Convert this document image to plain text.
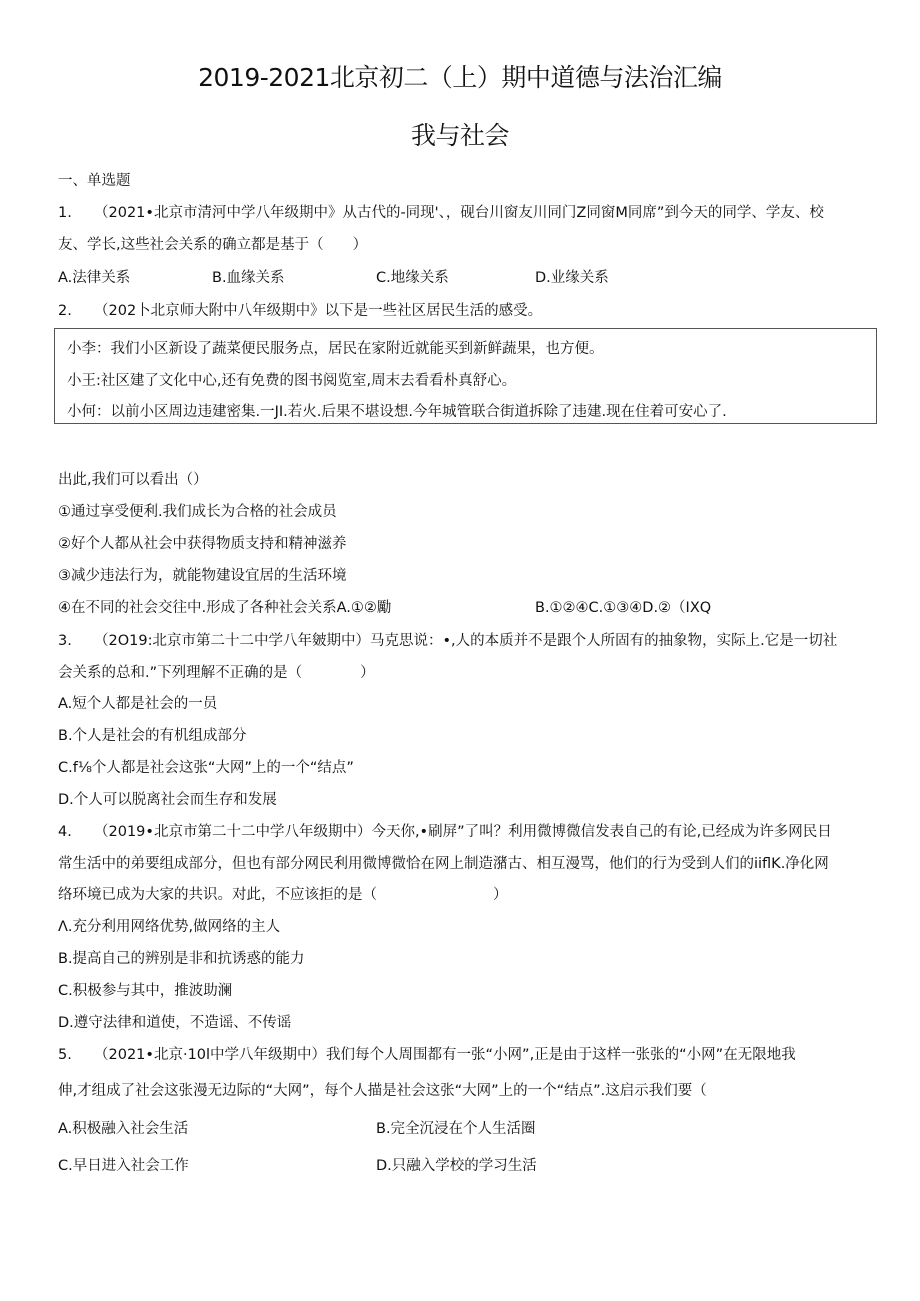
2019-2021北京初二（上）期中道德与法治汇编
我与社会
一、单选题
1. （2021•北京市清河中学八年级期中》从古代的-同现'、，砚台川窗友川同门Z同窗M同席”到今天的同学、学友、校
友、学长,这些社会关系的确立都是基于（　　）
A.法律关系	B.血缘关系	C.地缘关系	D.业缘关系
2. （202卜北京师大附中八年级期中》以下是一些社区居民生活的感受。
小李：我们小区新设了蔬菜便民服务点，居民在家附近就能买到新鲜蔬果，也方便。
小王:社区建了文化中心,还有免费的图书阅览室,周末去看看朴真舒心。
小何：以前小区周边违建密集.一JI.若火.后果不堪设想.今年城管联合街道拆除了违建.现在住着可安心了.
出此,我们可以看出（）
①通过享受便利.我们成长为合格的社会成员
②好个人都从社会中获得物质支持和精神滋养
③减少违法行为，就能物建设宜居的生活环境
④在不同的社会交往中.形成了各种社会关系A.①②勵	B.①②④C.①③④D.②（IXQ
3. （2O19:北京市第二十二中学八年皴期中）马克思说：•,人的本质并不是跟个人所固有的抽象物，实际上.它是一切社
会关系的总和.”下列理解不正确的是（　　　　）
A.短个人都是社会的一员
B.个人是社会的有机组成部分
C.f⅛个人都是社会这张“大网”上的一个“结点”
D.个人可以脱离社会而生存和发展
4. （2019•北京市第二十二中学八年级期中）今天你,•刷屏”了叫？利用微博微信发表自己的有论,已经成为许多网民日
常生活中的弟要组成部分，但也有部分网民利用微博微恰在网上制造潴古、相互漫骂，他们的行为受到人们的iiflK.净化网
络环境已成为大家的共识。对此，不应该拒的是（　　　　　　　　）
Λ.充分利用网络优势,做网络的主人
B.提高自己的辨别是非和抗诱惑的能力
C.积极参与其中，推波助澜
D.遵守法律和道使，不造谣、不传谣
5. （2021•北京·10l中学八年级期中）我们每个人周围都有一张“小网”,正是由于这样一张张的“小网”在无限地我
伸,才组成了社会这张漫无边际的“大网”，每个人描是社会这张“大网”上的一个“结点”.这启示我们要（
A.积极融入社会生活	B.完全沉浸在个人生活圈
C.早日进入社会工作	D.只融入学校的学习生活
